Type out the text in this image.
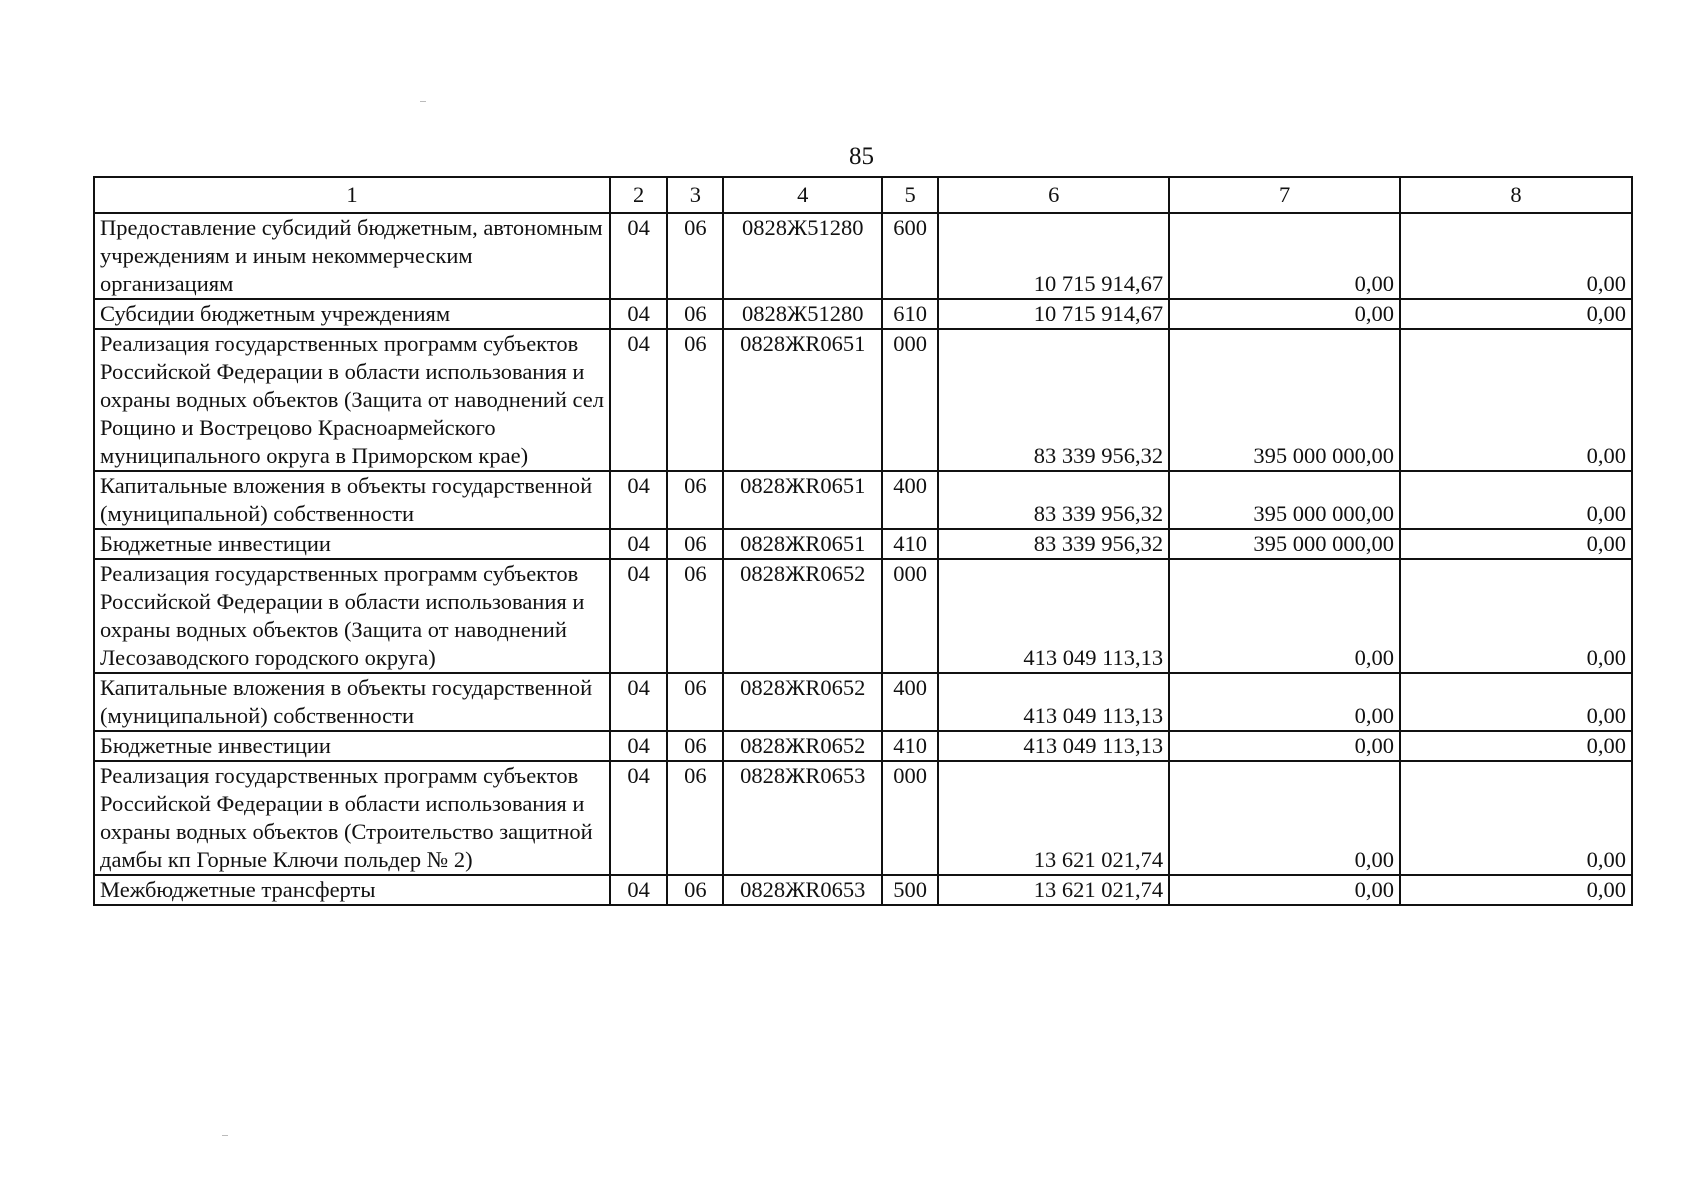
85
1	2	3	4	5	6	7	8
Предоставление субсидий бюджетным, автономным учреждениям и иным некоммерческим организациям	04	06	0828Ж51280	600	10 715 914,67	0,00	0,00
Субсидии бюджетным учреждениям	04	06	0828Ж51280	610	10 715 914,67	0,00	0,00
Реализация государственных программ субъектов Российской Федерации в области использования и охраны водных объектов (Защита от наводнений сел Рощино и Вострецово Красноармейского муниципального округа в Приморском крае)	04	06	0828ЖR0651	000	83 339 956,32	395 000 000,00	0,00
Капитальные вложения в объекты государственной (муниципальной) собственности	04	06	0828ЖR0651	400	83 339 956,32	395 000 000,00	0,00
Бюджетные инвестиции	04	06	0828ЖR0651	410	83 339 956,32	395 000 000,00	0,00
Реализация государственных программ субъектов Российской Федерации в области использования и охраны водных объектов (Защита от наводнений Лесозаводского городского округа)	04	06	0828ЖR0652	000	413 049 113,13	0,00	0,00
Капитальные вложения в объекты государственной (муниципальной) собственности	04	06	0828ЖR0652	400	413 049 113,13	0,00	0,00
Бюджетные инвестиции	04	06	0828ЖR0652	410	413 049 113,13	0,00	0,00
Реализация государственных программ субъектов Российской Федерации в области использования и охраны водных объектов (Строительство защитной дамбы кп Горные Ключи польдер № 2)	04	06	0828ЖR0653	000	13 621 021,74	0,00	0,00
Межбюджетные трансферты	04	06	0828ЖR0653	500	13 621 021,74	0,00	0,00
